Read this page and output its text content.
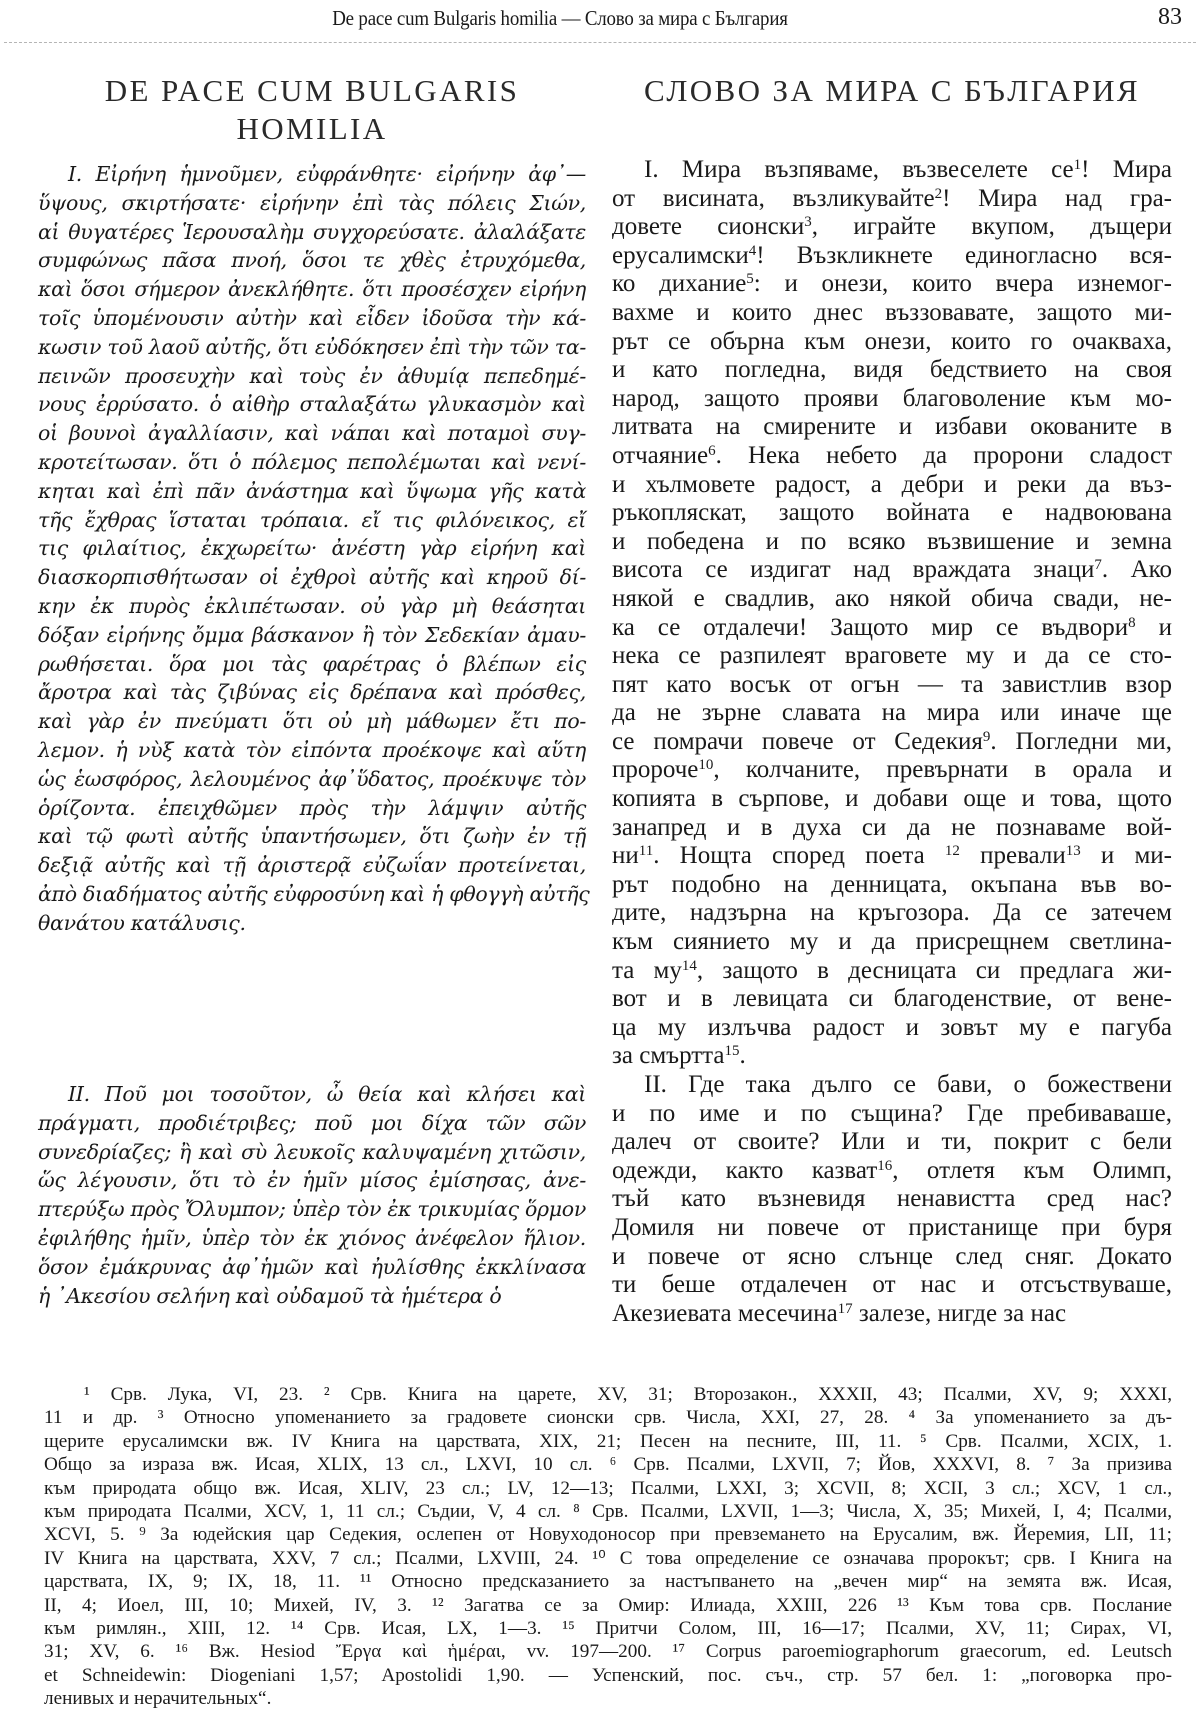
De pace cum Bulgaris homilia — Слово за мира с България	83
DE PACE CUM BULGARIS
HOMILIA
СЛОВО ЗА МИРА С БЪЛГАРИЯ
I. Εἰρήνη ἡμνοῦμεν, εὐφράνθητε· εἰρήνην ἀφ᾽—
ὕψους, σκιρτήσατε· εἰρήνην ἐπὶ τὰς πόλεις Σιών,
αἱ θυγατέρες Ἱερουσαλὴμ συγχορεύσατε. ἀλαλάξατε
συμφώνως πᾶσα πνοή, ὅσοι τε χθὲς ἐτρυχόμεθα,
καὶ ὅσοι σήμερον ἀνεκλήθητε. ὅτι προσέσχεν εἰρήνη
τοῖς ὑπομένουσιν αὐτὴν καὶ εἶδεν ἰδοῦσα τὴν κά-
κωσιν τοῦ λαοῦ αὐτῆς, ὅτι εὐδόκησεν ἐπὶ τὴν τῶν τα-
πεινῶν προσευχὴν καὶ τοὺς ἐν ἀθυμίᾳ πεπεδημέ-
νους ἐρρύσατο. ὁ αἰθὴρ σταλαξάτω γλυκασμὸν καὶ
οἱ βουνοὶ ἀγαλλίασιν, καὶ νάπαι καὶ ποταμοὶ συγ-
κροτείτωσαν. ὅτι ὁ πόλεμος πεπολέμωται καὶ νενί-
κηται καὶ ἐπὶ πᾶν ἀνάστημα καὶ ὕψωμα γῆς κατὰ
τῆς ἔχθρας ἵσταται τρόπαια. εἴ τις φιλόνεικος, εἴ
τις φιλαίτιος, ἐκχωρείτω· ἀνέστη γὰρ εἰρήνη καὶ
διασκορπισθήτωσαν οἱ ἐχθροὶ αὐτῆς καὶ κηροῦ δί-
κην ἐκ πυρὸς ἐκλιπέτωσαν. οὐ γὰρ μὴ θεάσηται
δόξαν εἰρήνης ὄμμα βάσκανον ἢ τὸν Σεδεκίαν ἀμαυ-
ρωθήσεται. ὅρα μοι τὰς φαρέτρας ὁ βλέπων εἰς
ἄροτρα καὶ τὰς ζιβύνας εἰς δρέπανα καὶ πρόσθες,
καὶ γὰρ ἐν πνεύματι ὅτι οὐ μὴ μάθωμεν ἔτι πο-
λεμον. ἡ νὺξ κατὰ τὸν εἰπόντα προέκοψε καὶ αὕτη
ὡς ἑωσφόρος, λελουμένος ἀφ᾽ὕδατος, προέκυψε τὸν
ὁρίζοντα. ἐπειχθῶμεν πρὸς τὴν λάμψιν αὐτῆς
καὶ τῷ φωτὶ αὐτῆς ὑπαντήσωμεν, ὅτι ζωὴν ἐν τῇ
δεξιᾷ αὐτῆς καὶ τῇ ἀριστερᾷ εὐζωΐαν προτείνεται,
ἀπὸ διαδήματος αὐτῆς εὐφροσύνη καὶ ἡ φθογγὴ αὐτῆς
θανάτου κατάλυσις.
II. Ποῦ μοι τοσοῦτον, ὦ θεία καὶ κλήσει καὶ
πράγματι, προδιέτριβες; ποῦ μοι δίχα τῶν σῶν
συνεδρίαζες; ἢ καὶ σὺ λευκοῖς καλυψαμένη χιτῶσιν,
ὥς λέγουσιν, ὅτι τὸ ἐν ἡμῖν μίσος ἐμίσησας, ἀνε-
πτερύξω πρὸς Ὄλυμπον; ὑπὲρ τὸν ἐκ τρικυμίας ὅρμον
ἐφιλήθης ἡμῖν, ὑπὲρ τὸν ἐκ χιόνος ἀνέφελον ἥλιον.
ὅσον ἐμάκρυνας ἀφ᾽ἡμῶν καὶ ἠυλίσθης ἐκκλίνασα
ἡ ᾿Ακεσίου σελήνη καὶ οὐδαμοῦ τὰ ἡμέτερα ὁ
I. Мира възпяваме, възвеселете $се^1$! Мира
от висината, възликувайте$^2$! Мира над гра-
довете сионски$^3$, играйте вкупом, дъщери
ерусалимски$^4$! Възкликнете единогласно вся-
ко дихание$^5$: и онези, които вчера изнемог-
вахме и които днес въззовавате, защото ми-
рът се обърна към онези, които го очакваха,
и като погледна, видя бедствието на своя
народ, защото прояви благоволение към мо-
литвата на смирените и избави окованите в
отчаяние$^6$. Нека небето да пророни сладост
и хълмовете радост, а дебри и реки да въз-
ръкопляскат, защото войната е надвоювана
и победена и по всяко възвишение и земна
висота се издигат над враждата знаци$^7$. Ако
някой е свадлив, ако някой обича свади, не-
ка се отдалечи! Защото мир се въдвори$^8$ и
нека се разпилеят враговете му и да се сто-
пят като восък от огън — та завистлив взор
да не зърне славата на мира или иначе ще
се помрачи повече от Седекия$^9$. Погледни ми,
пророче$^{10}$, колчаните, превърнати в орала и
копията в сърпове, и добави още и това, щото
занапред и в духа си да не познаваме вой-
$ни^{11}$. Нощта според поета $^{12}$ превали$^{13}$ и ми-
рът подобно на денницата, окъпана във во-
дите, надзърна на кръгозора. Да се затечем
към сиянието му и да присрещнем светлина-
та $му^{14}$, защото в десницата си предлага жи-
вот и в левицата си благоденствие, от вене-
ца му излъчва радост и зовът му е пагуба
за смъртта$^{15}$.
II. Где така дълго се бави, о божествени
и по име и по същина? Где пребиваваше,
далеч от своите? Или и ти, покрит с бели
одежди, както казват$^{16}$, отлетя към Олимп,
тъй като възневидя ненавистта сред нас?
Домиля ни повече от пристанище при буря
и повече от ясно слънце след сняг. Докато
ти беше отдалечен от нас и отсъствуваше,
Акезиевата месечина$^{17}$ залезе, нигде за нас
¹ Срв. Лука, VI, 23. ² Срв. Книга на царете, XV, 31; Второзакон., XXXII, 43; Псалми, XV, 9; XXXI,
11 и др. ³ Относно упоменанието за градовете сионски срв. Числа, XXI, 27, 28. ⁴ За упоменанието за дъ-
щерите ерусалимски вж. IV Книга на царствата, XIX, 21; Песен на песните, III, 11. ⁵ Срв. Псалми, XCIX, 1.
Общо за израза вж. Исая, XLIX, 13 сл., LXVI, 10 сл. ⁶ Срв. Псалми, LXVII, 7; Йов, XXXVI, 8. ⁷ За призива
към природата общо вж. Исая, XLIV, 23 сл.; LV, 12—13; Псалми, LXXI, 3; XCVII, 8; XCII, 3 сл.; XCV, 1 сл.,
към природата Псалми, XCV, 1, 11 сл.; Съдии, V, 4 сл. ⁸ Срв. Псалми, LXVII, 1—3; Числа, X, 35; Михей, I, 4; Псалми,
XCVI, 5. ⁹ За юдейския цар Седекия, ослепен от Новуходоносор при превземането на Ерусалим, вж. Йеремия, LII, 11;
IV Книга на царствата, XXV, 7 сл.; Псалми, LXVIII, 24. ¹⁰ С това определение се означава пророкът; срв. I Книга на
царствата, IX, 9; IX, 18, 11. ¹¹ Относно предсказанието за настъпването на „вечен мир“ на земята вж. Исая,
II, 4; Иоел, III, 10; Михей, IV, 3. ¹² Загатва се за Омир: Илиада, XXIII, 226 ¹³ Към това срв. Послание
към римлян., XIII, 12. ¹⁴ Срв. Исая, LX, 1—3. ¹⁵ Притчи Солом, III, 16—17; Псалми, XV, 11; Сирах, VI,
31; XV, 6. ¹⁶ Вж. Hesiod Ἔργα καὶ ἡμέραι, vv. 197—200. ¹⁷ Corpus paroemiographorum graecorum, ed. Leutsch
et Schneidewin: Diogeniani 1,57; Apostolidi 1,90. — Успенский, пос. съч., стр. 57 бел. 1: „поговорка про-
ленивых и нерачительных“.
